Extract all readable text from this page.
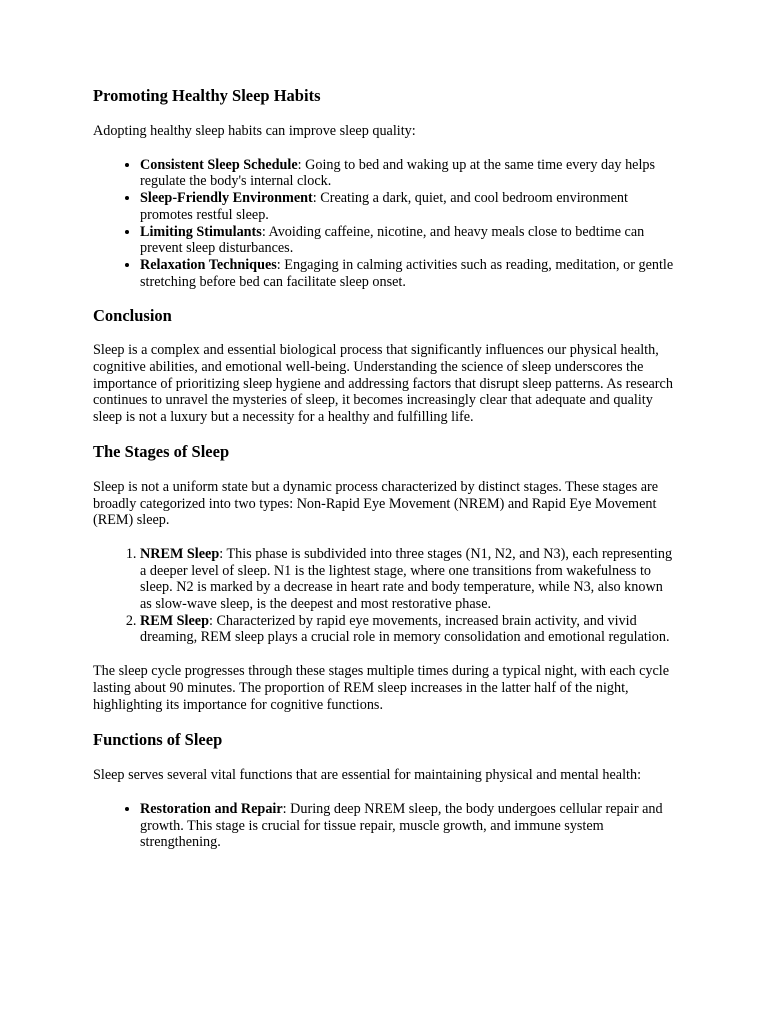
Promoting Healthy Sleep Habits

Adopting healthy sleep habits can improve sleep quality:

• Consistent Sleep Schedule: Going to bed and waking up at the same time every day helps regulate the body's internal clock.
• Sleep-Friendly Environment: Creating a dark, quiet, and cool bedroom environment promotes restful sleep.
• Limiting Stimulants: Avoiding caffeine, nicotine, and heavy meals close to bedtime can prevent sleep disturbances.
• Relaxation Techniques: Engaging in calming activities such as reading, meditation, or gentle stretching before bed can facilitate sleep onset.
Conclusion

Sleep is a complex and essential biological process that significantly influences our physical health, cognitive abilities, and emotional well-being. Understanding the science of sleep underscores the importance of prioritizing sleep hygiene and addressing factors that disrupt sleep patterns. As research continues to unravel the mysteries of sleep, it becomes increasingly clear that adequate and quality sleep is not a luxury but a necessity for a healthy and fulfilling life.

The Stages of Sleep

Sleep is not a uniform state but a dynamic process characterized by distinct stages. These stages are broadly categorized into two types: Non-Rapid Eye Movement (NREM) and Rapid Eye Movement (REM) sleep.

1. NREM Sleep: This phase is subdivided into three stages (N1, N2, and N3), each representing a deeper level of sleep. N1 is the lightest stage, where one transitions from wakefulness to sleep. N2 is marked by a decrease in heart rate and body temperature, while N3, also known as slow-wave sleep, is the deepest and most restorative phase.
2. REM Sleep: Characterized by rapid eye movements, increased brain activity, and vivid dreaming, REM sleep plays a crucial role in memory consolidation and emotional regulation.

The sleep cycle progresses through these stages multiple times during a typical night, with each cycle lasting about 90 minutes. The proportion of REM sleep increases in the latter half of the night, highlighting its importance for cognitive functions.

Functions of Sleep

Sleep serves several vital functions that are essential for maintaining physical and mental health:

• Restoration and Repair: During deep NREM sleep, the body undergoes cellular repair and growth. This stage is crucial for tissue repair, muscle growth, and immune system strengthening.
